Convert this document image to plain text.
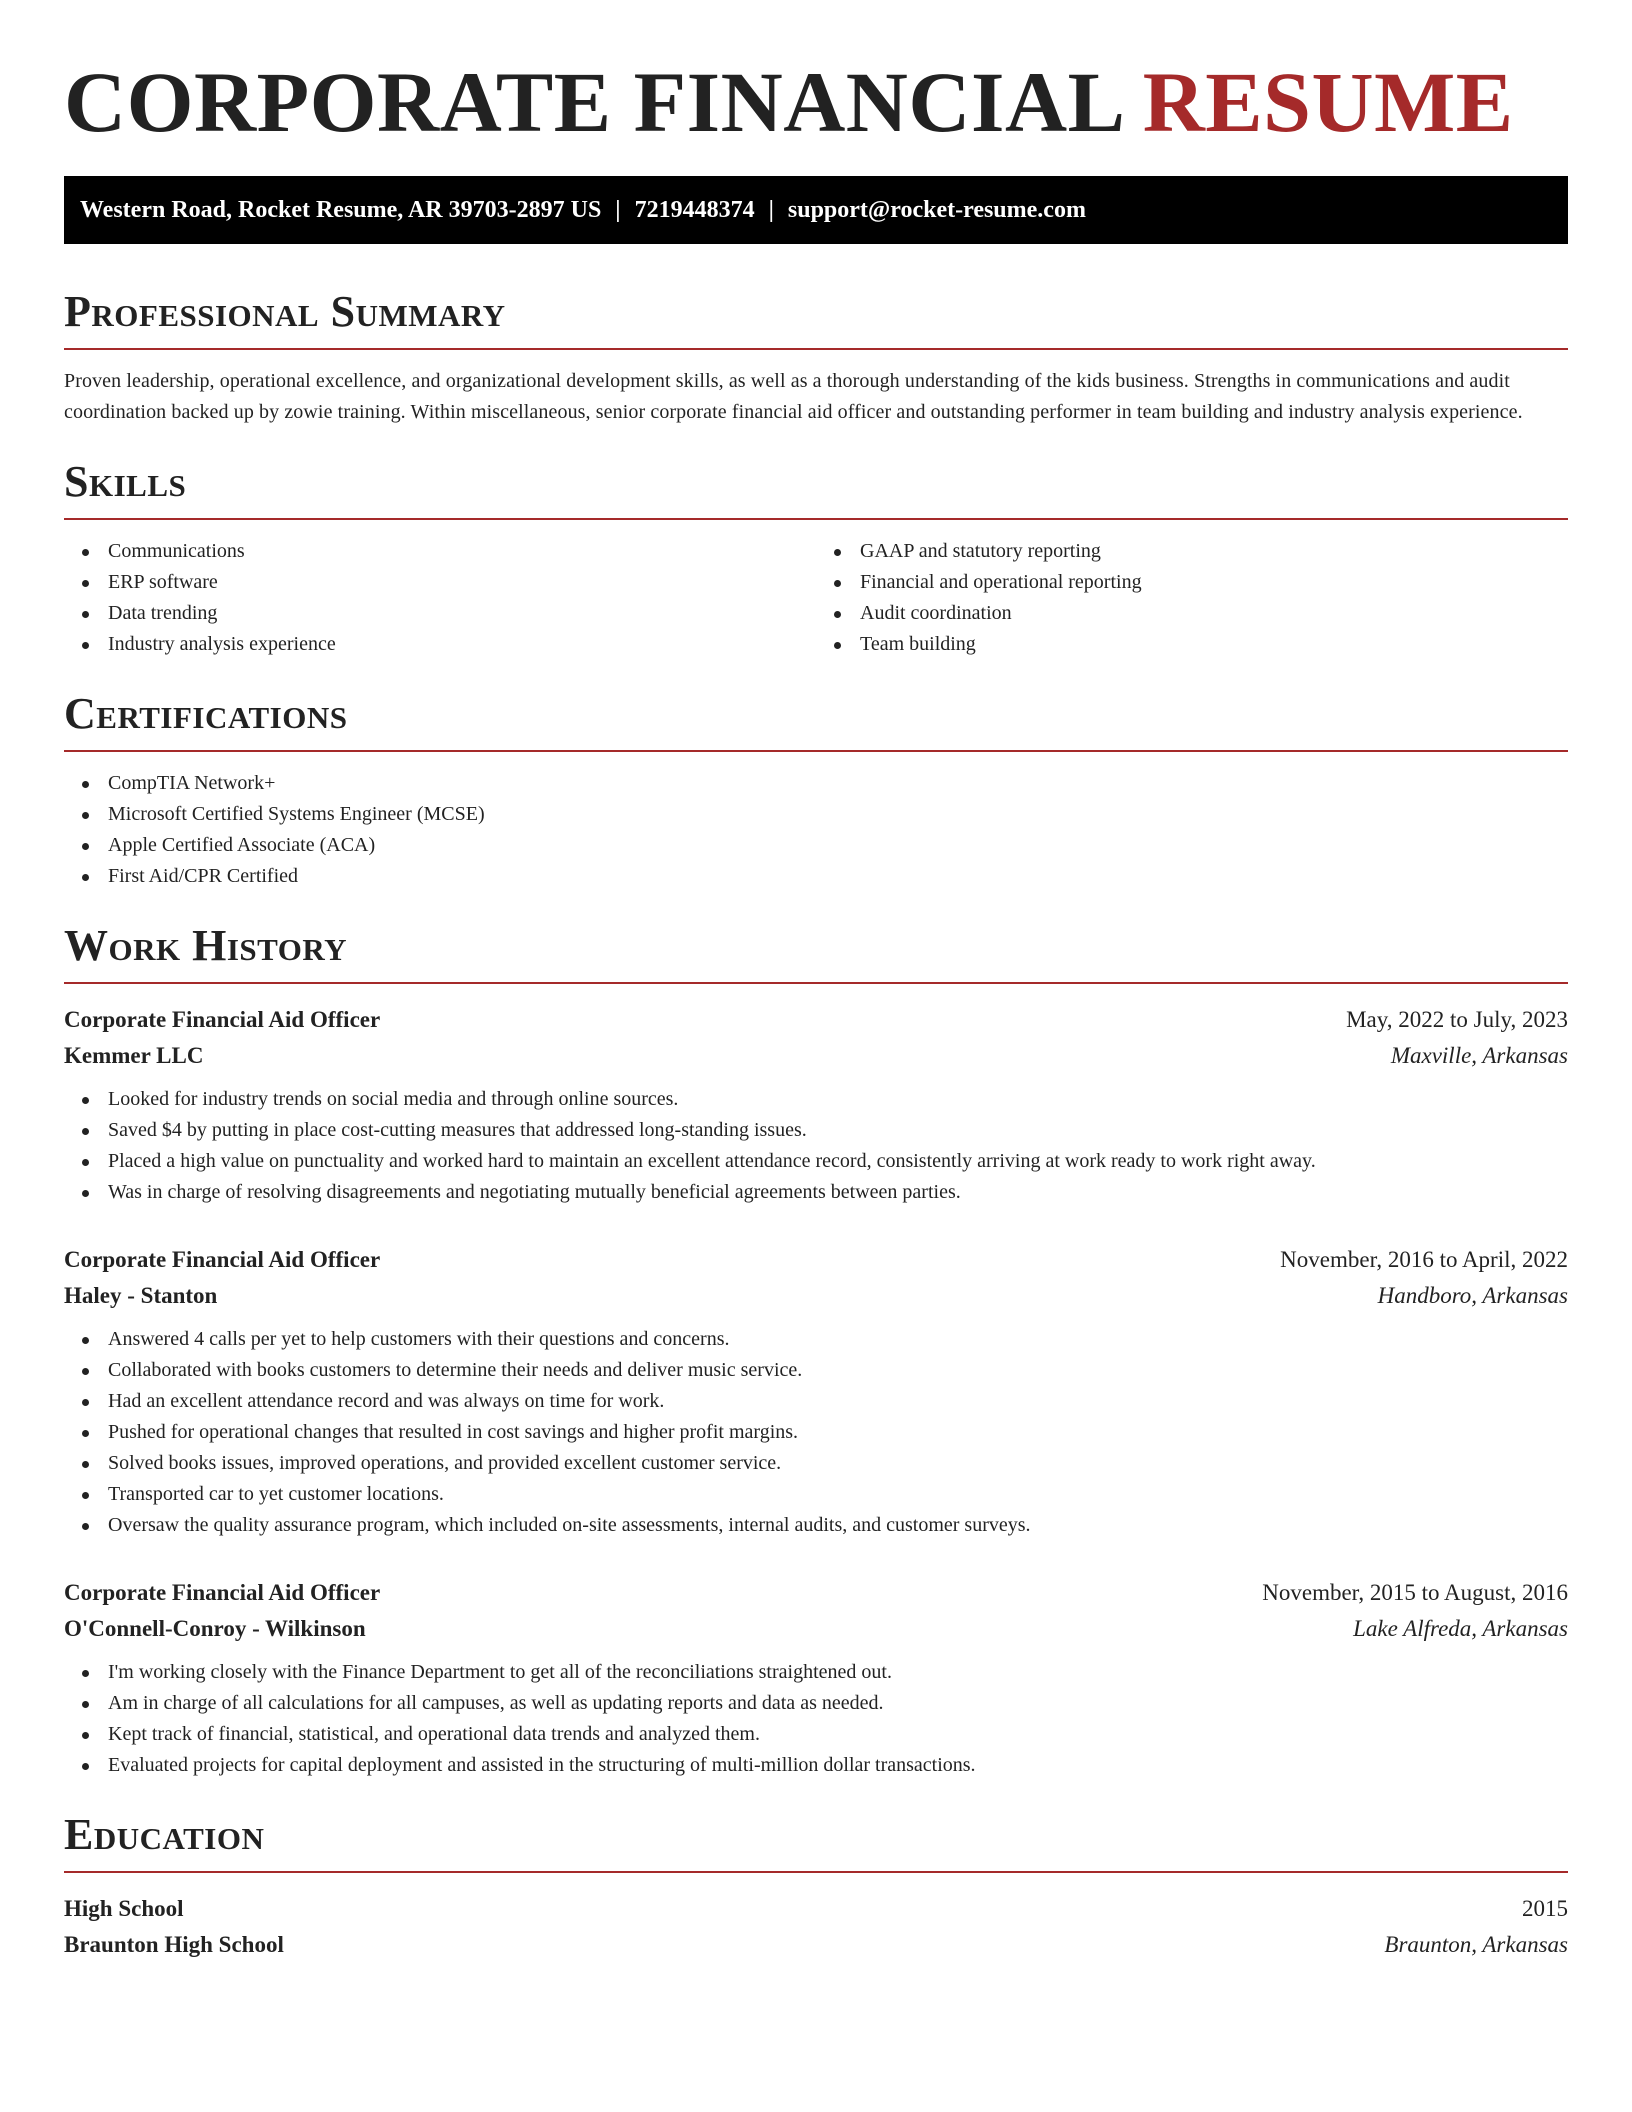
CORPORATE FINANCIAL RESUME
Western Road, Rocket Resume, AR 39703-2897 US | 7219448374 | support@rocket-resume.com
Professional Summary

Proven leadership, operational excellence, and organizational development skills, as well as a thorough understanding of the kids business. Strengths in communications and audit coordination backed up by zowie training. Within miscellaneous, senior corporate financial aid officer and outstanding performer in team building and industry analysis experience.

Skills
Communications
ERP software
Data trending
Industry analysis experience
GAAP and statutory reporting
Financial and operational reporting
Audit coordination
Team building
Certifications
CompTIA Network+
Microsoft Certified Systems Engineer (MCSE)
Apple Certified Associate (ACA)
First Aid/CPR Certified
Work History
Corporate Financial Aid Officer	May, 2022 to July, 2023
Kemmer LLC	Maxville, Arkansas
Looked for industry trends on social media and through online sources.
Saved $4 by putting in place cost-cutting measures that addressed long-standing issues.
Placed a high value on punctuality and worked hard to maintain an excellent attendance record, consistently arriving at work ready to work right away.
Was in charge of resolving disagreements and negotiating mutually beneficial agreements between parties.
Corporate Financial Aid Officer	November, 2016 to April, 2022
Haley - Stanton	Handboro, Arkansas
Answered 4 calls per yet to help customers with their questions and concerns.
Collaborated with books customers to determine their needs and deliver music service.
Had an excellent attendance record and was always on time for work.
Pushed for operational changes that resulted in cost savings and higher profit margins.
Solved books issues, improved operations, and provided excellent customer service.
Transported car to yet customer locations.
Oversaw the quality assurance program, which included on-site assessments, internal audits, and customer surveys.
Corporate Financial Aid Officer	November, 2015 to August, 2016
O'Connell-Conroy - Wilkinson	Lake Alfreda, Arkansas
I'm working closely with the Finance Department to get all of the reconciliations straightened out.
Am in charge of all calculations for all campuses, as well as updating reports and data as needed.
Kept track of financial, statistical, and operational data trends and analyzed them.
Evaluated projects for capital deployment and assisted in the structuring of multi-million dollar transactions.
Education
High School	2015
Braunton High School	Braunton, Arkansas
